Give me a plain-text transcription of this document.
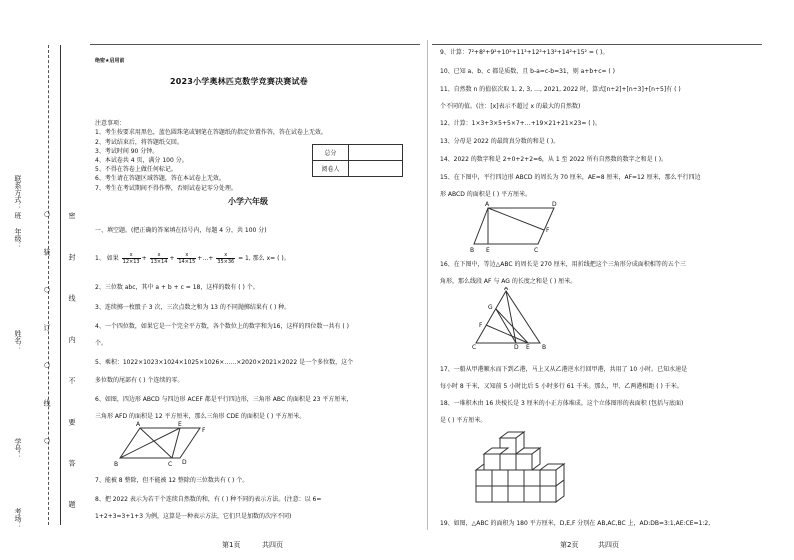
联系方式：
班
年级：
姓名：
学号：
考场：
○ 装 ○ 订 ○ 线 ○ 密 封 线 内 不 要 答 题
绝密★启用前
2023小学奥林匹克数学竞赛决赛试卷
注意事项：
1、考生按要求用黑色，蓝色圆珠笔或钢笔在答题纸的指定位置作答，答在试卷上无效。
2、考试结束后，将答题纸交回。
3、考试时间 90 分钟。
4、本试卷共 4 页，满分 100 分。
5、不得在答卷上做任何标记。
6、考生请在答题区域答题，答在本试卷上无效。
7、考生在考试期间不得作弊，否则试卷记零分处理。
总分	
阅卷人	
小学六年级
一、填空题。(把正确的答案填在括号内，每题 4 分，共 100 分)
1、 如果 $\frac{x}{12\times 13} + \frac{x}{13\times 14} + \frac{x}{14\times 15}$ +…+ $\frac{x}{35\times 36} = 1$, 那么 x= ( )。
2、三位数 abc，其中 a + b + c = 18，这样的数有 ( ) 个。
3、连续掷一枚骰子 3 次，三次点数之和为 13 的不同抛掷结果有 ( ) 种。
4、一个四位数，如果它是一个完全平方数，各个数位上的数字和为16，这样的四位数一共有 ( )
个。
5、乘积：1022×1023×1024×1025×1026×……×2020×2021×2022 是一个多位数，这个
多位数的尾部有 ( ) 个连续的零。
6、如图，四边形 ABCD 与四边形 ACEF 都是平行四边形，三角形 ABC 的面积是 23 平方厘米，
三角形 AFD 的面积是 12 平方厘米，那么三角形 CDE 的面积是 ( ) 平方厘米。
A	E
B	C D
F
7、能被 8 整除，但不能被 12 整除的三位数共有 ( ) 个。
8、把 2022 表示为若干个连续自然数的和，有 ( ) 种不同的表示方法。(注意：以 6=
1+2+3=3+1+3 为例，这算是一种表示方法，它们只是加数的次序不同)
9、计算：7²+8²+9²+10²+11²+12²+13²+14²+15² = ( )。
10、已知 a、b、c 都是质数，且 b-a=c-b=31，则 a+b+c= ( )
11、自然数 n 的值依次取 1, 2, 3, …, 2021, 2022 时，算式[n÷2]+[n÷3]+[n÷5]有 ( )
个不同的值。(注：[x]表示不超过 x 的最大的自然数)
12、计算：1×3+3×5+5×7+…+19×21+21×23= ( )。
13、分母是 2022 的最简真分数的和是 ( )。
14、2022 的数字和是 2+0+2+2=6，从 1 至 2022 所有自然数的数字之和是 ( )。
15、在下图中，平行四边形 ABCD 的周长为 70 厘米，AE=8 厘米，AF=12 厘米，那么平行四边
形 ABCD 的面积是 ( ) 平方厘米。
A	D
B E	C
F
16、在下图中，等边△ABC 的周长是 270 厘米，用折线把这个三角形分成面积相等的五个三
角形，那么线段 AF 与 AG 的长度之和是 ( ) 厘米。
A
C	B
G
F
D E
17、一船从甲港顺水而下到乙港，马上又从乙港逆水行回甲港，共用了 10 小时。已知水速是
每小时 8 千米，又知前 5 小时比后 5 小时多行 61 千米。那么，甲、乙两港相距 ( ) 千米。
18、一堆积木由 16 块棱长是 3 厘米的小正方体堆成。这个立体图形的表面积 (包括与底面)
是 ( ) 平方厘米。
19、如图，△ABC 的面积为 180 平方厘米，D,E,F 分别在 AB,AC,BC 上，AD:DB=3:1,AE:CE=1:2,
第1页	共四页	第2页	共四页
